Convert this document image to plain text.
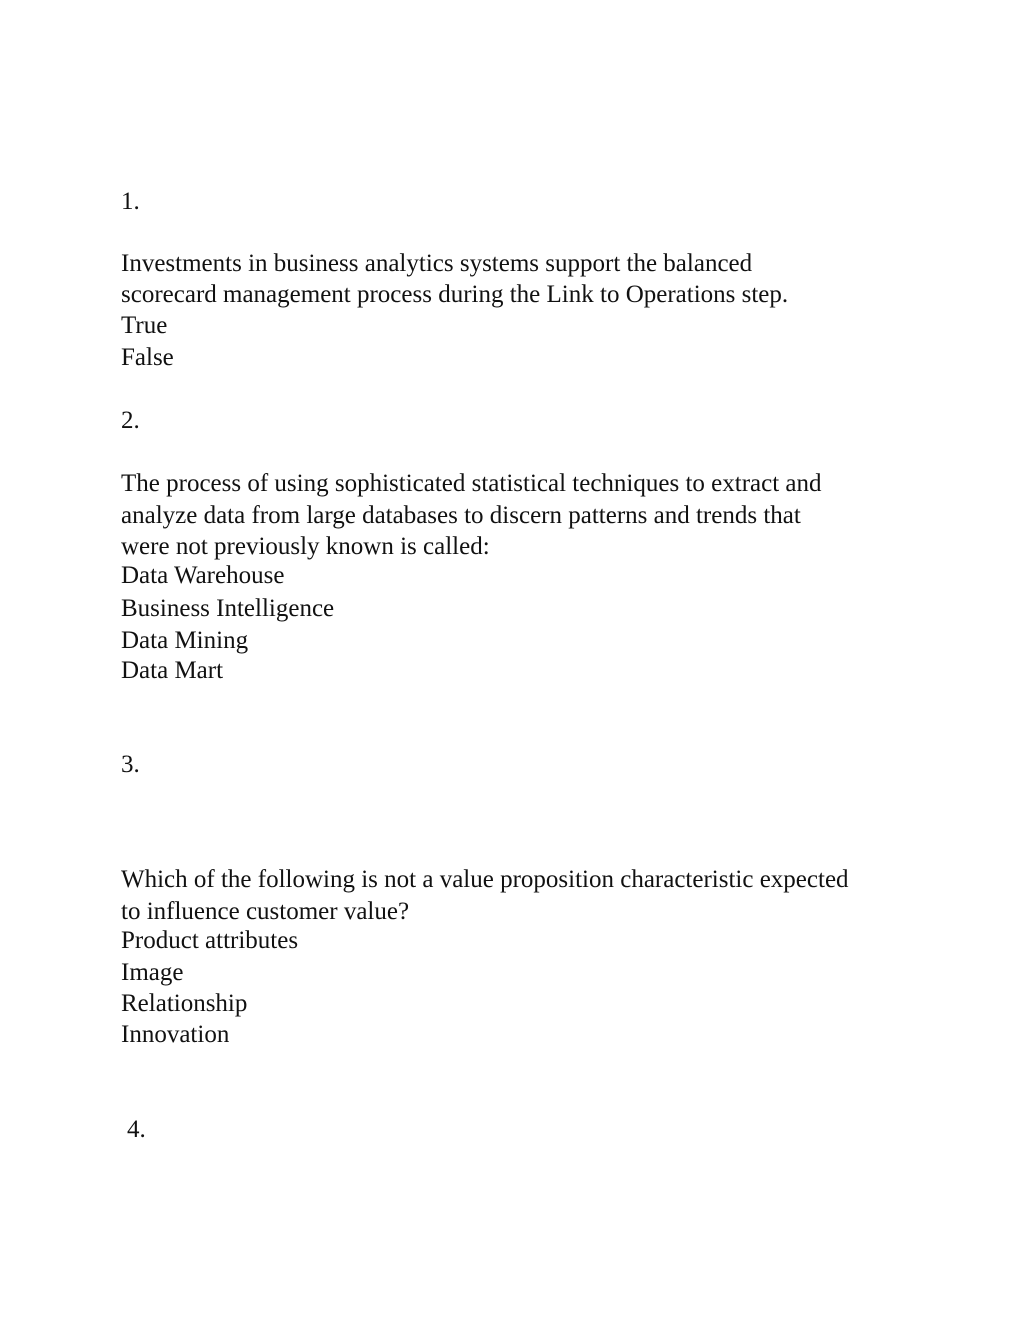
1.
Investments in business analytics systems support the balanced
scorecard management process during the Link to Operations step.
True
False
2.
The process of using sophisticated statistical techniques to extract and
analyze data from large databases to discern patterns and trends that
were not previously known is called:
Data Warehouse
Business Intelligence
Data Mining
Data Mart
3.
Which of the following is not a value proposition characteristic expected
to influence customer value?
Product attributes
Image
Relationship
Innovation
4.
